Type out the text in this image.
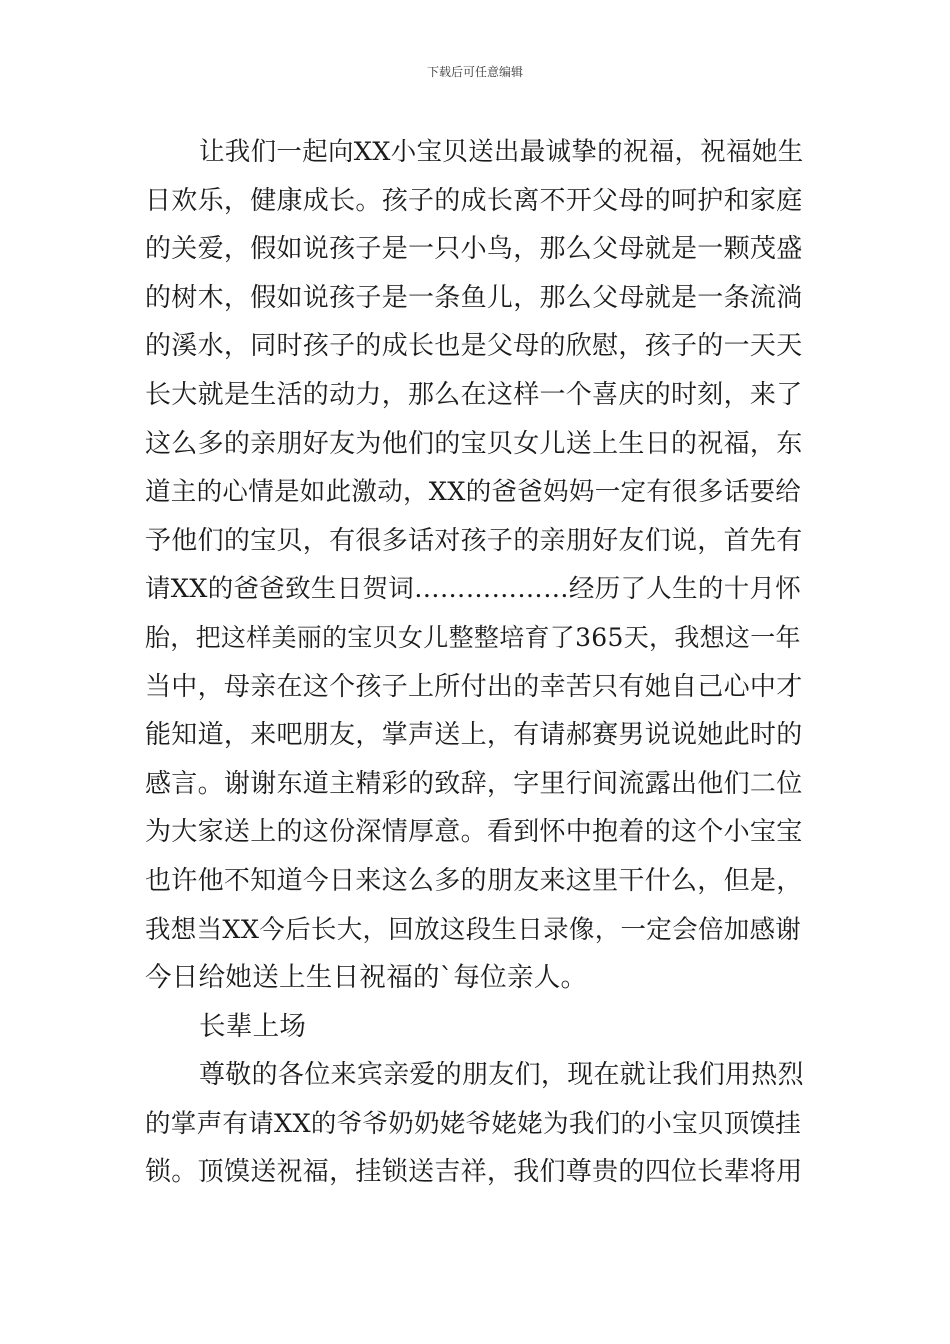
下载后可任意编辑
让我们一起向XX小宝贝送出最诚挚的祝福，祝福她生
日欢乐，健康成长。孩子的成长离不开父母的呵护和家庭
的关爱，假如说孩子是一只小鸟，那么父母就是一颗茂盛
的树木，假如说孩子是一条鱼儿，那么父母就是一条流淌
的溪水，同时孩子的成长也是父母的欣慰，孩子的一天天
长大就是生活的动力，那么在这样一个喜庆的时刻，来了
这么多的亲朋好友为他们的宝贝女儿送上生日的祝福，东
道主的心情是如此激动，XX的爸爸妈妈一定有很多话要给
予他们的宝贝，有很多话对孩子的亲朋好友们说，首先有
请XX的爸爸致生日贺词………………经历了人生的十月怀
胎，把这样美丽的宝贝女儿整整培育了365天，我想这一年
当中，母亲在这个孩子上所付出的幸苦只有她自己心中才
能知道，来吧朋友，掌声送上，有请郝赛男说说她此时的
感言。谢谢东道主精彩的致辞，字里行间流露出他们二位
为大家送上的这份深情厚意。看到怀中抱着的这个小宝宝
也许他不知道今日来这么多的朋友来这里干什么，但是，
我想当XX今后长大，回放这段生日录像，一定会倍加感谢
今日给她送上生日祝福的`每位亲人。
长辈上场
尊敬的各位来宾亲爱的朋友们，现在就让我们用热烈
的掌声有请XX的爷爷奶奶姥爷姥姥为我们的小宝贝顶馍挂
锁。顶馍送祝福，挂锁送吉祥，我们尊贵的四位长辈将用
